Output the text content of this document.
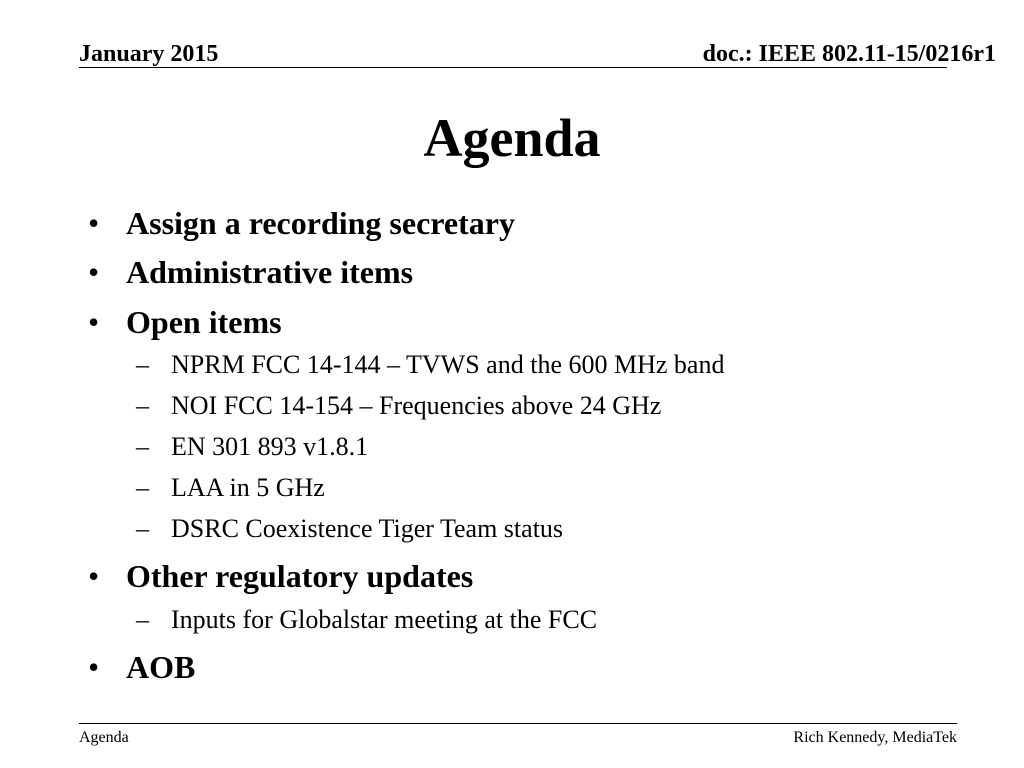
January 2015	doc.: IEEE 802.11-15/0216r1
Agenda
• Assign a recording secretary
• Administrative items
• Open items
– NPRM FCC 14-144 – TVWS and the 600 MHz band
– NOI FCC 14-154 – Frequencies above 24 GHz
– EN 301 893 v1.8.1
– LAA in 5 GHz
– DSRC Coexistence Tiger Team status
• Other regulatory updates
– Inputs for Globalstar meeting at the FCC
• AOB
Agenda	Rich Kennedy, MediaTek
